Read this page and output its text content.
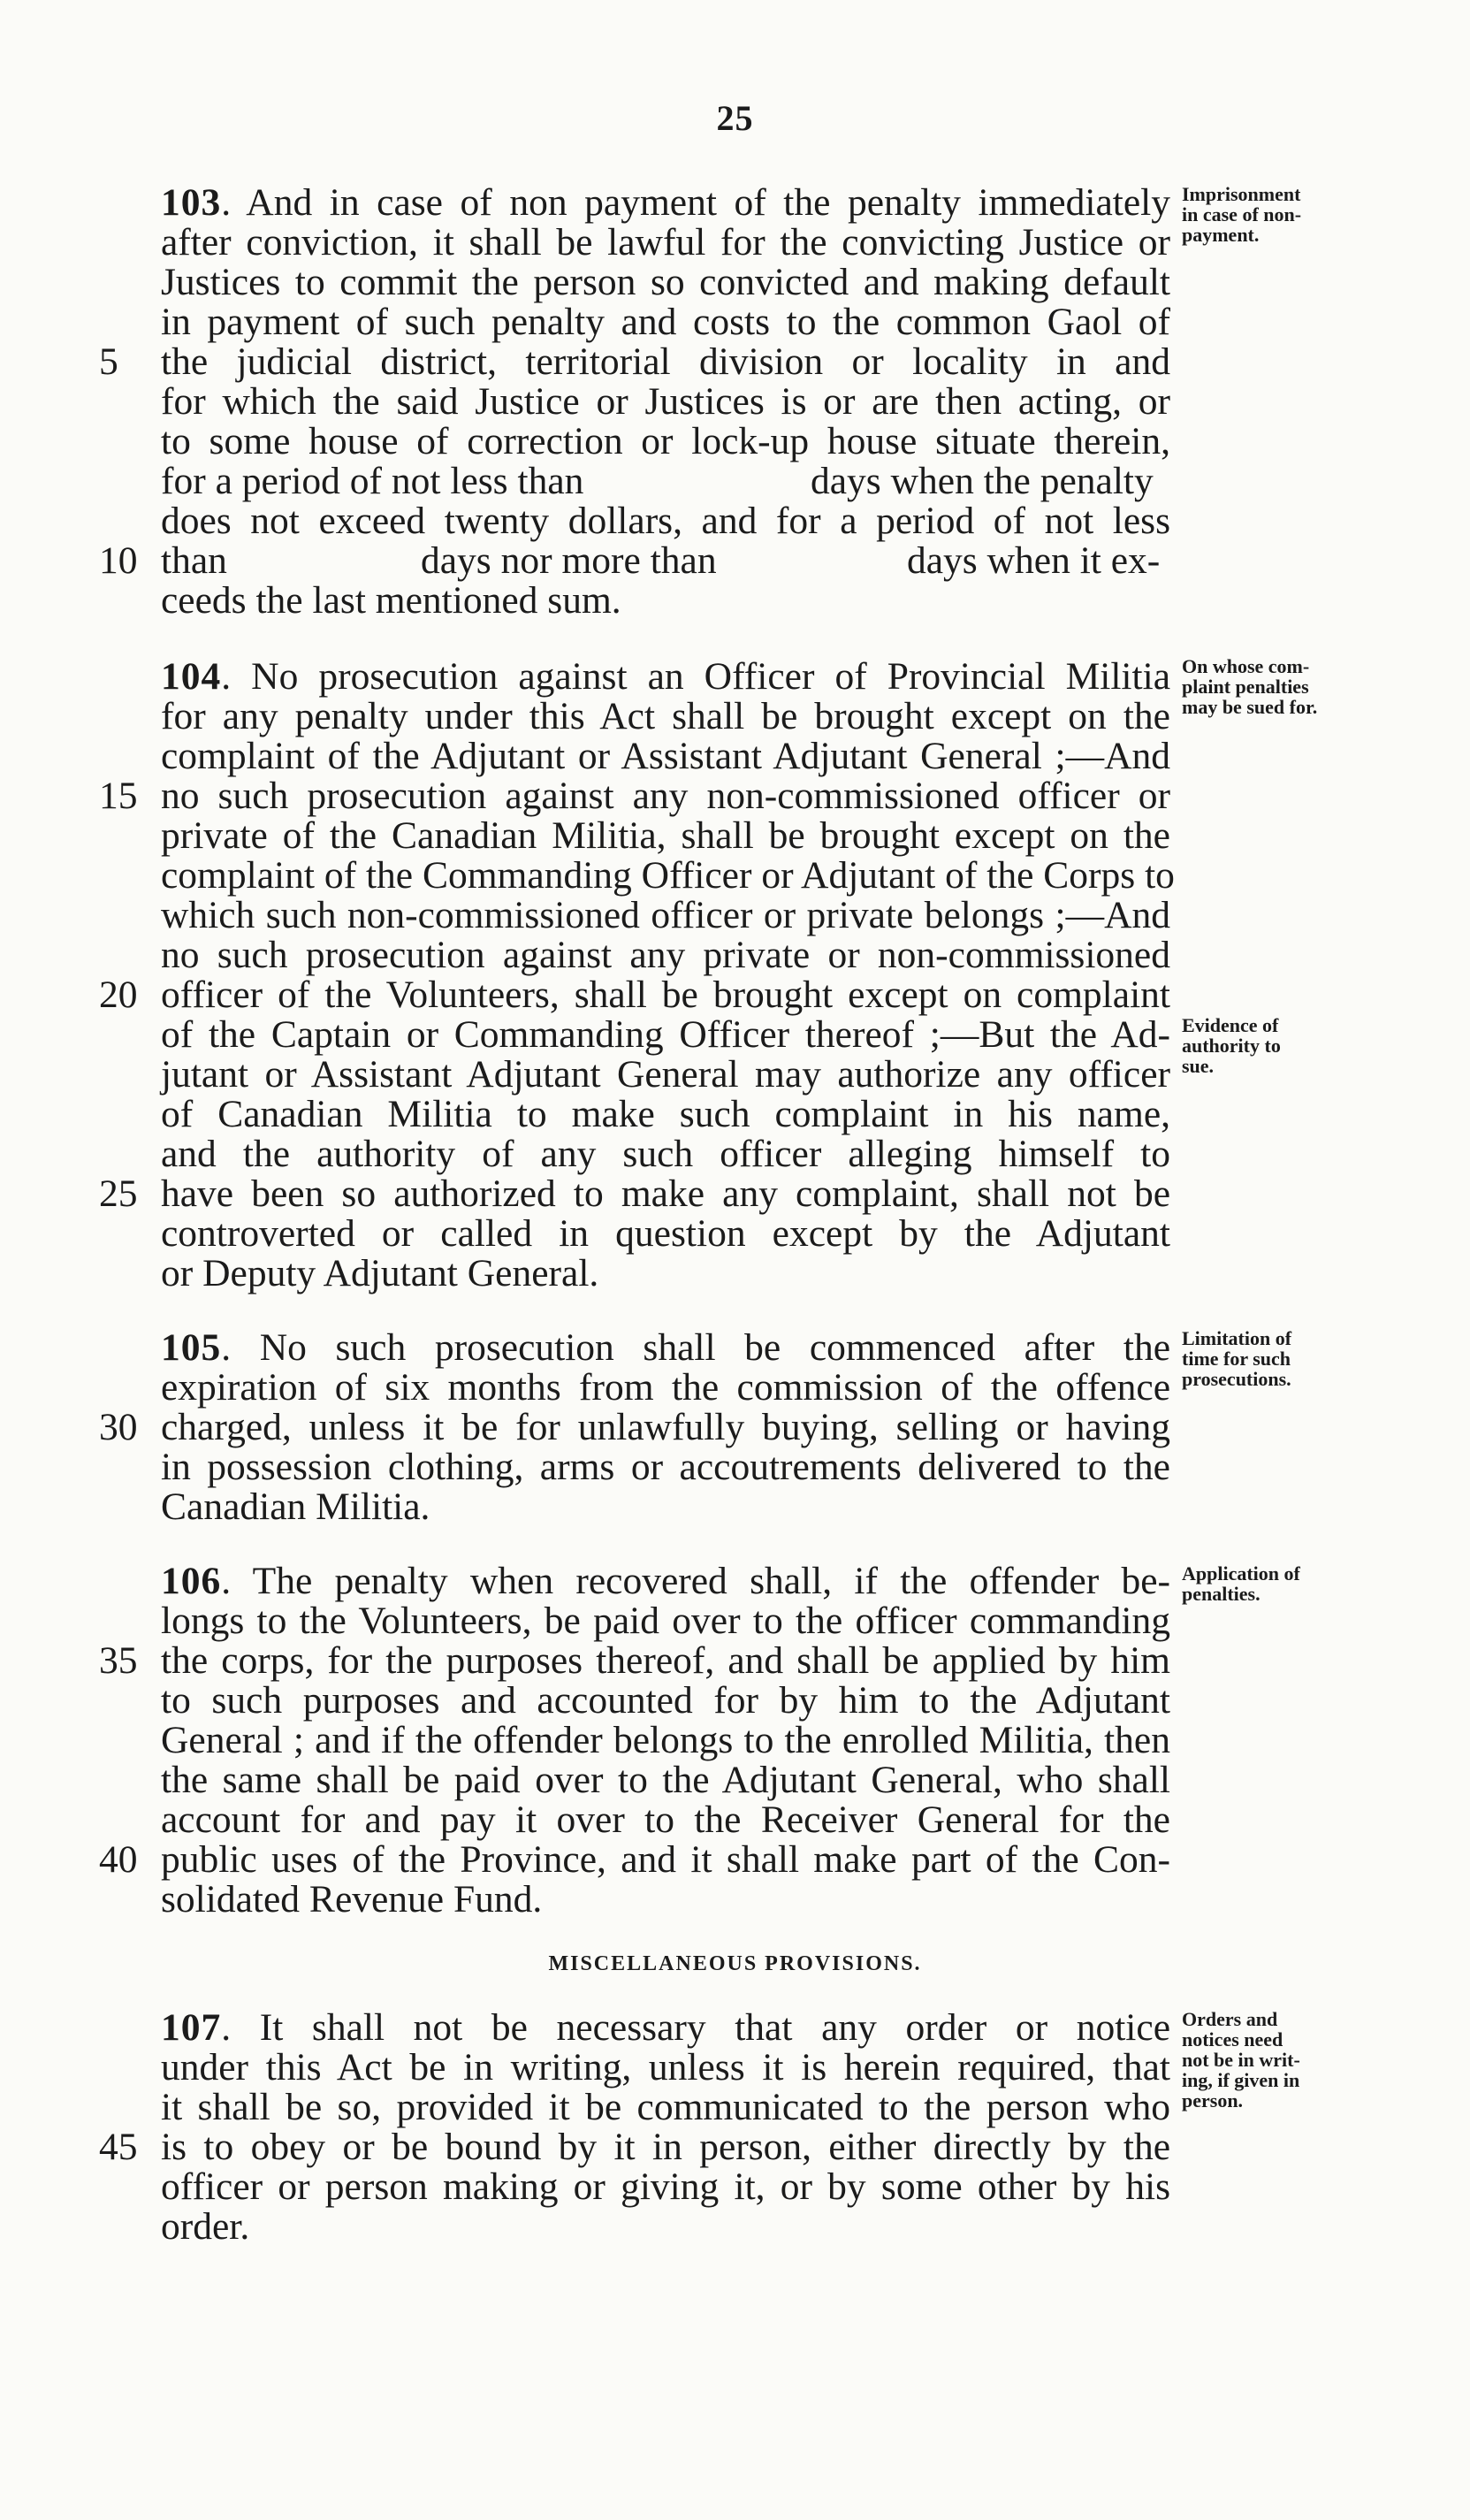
25
103. And in case of non payment of the penalty immediately
after conviction, it shall be lawful for the convicting Justice or
Justices to commit the person so convicted and making default
in payment of such penalty and costs to the common Gaol of
5	the judicial district, territorial division or locality in and
for which the said Justice or Justices is or are then acting, or
to some house of correction or lock-up house situate therein,
for a period of not less than	days when the penalty
does not exceed twenty dollars, and for a period of not less
10 than	days nor more than	days when it ex-
ceeds the last mentioned sum.
Imprisonment
in case of non-
payment.
104. No prosecution against an Officer of Provincial Militia
for any penalty under this Act shall be brought except on the
complaint of the Adjutant or Assistant Adjutant General ;—And
15 no such prosecution against any non-commissioned officer or
private of the Canadian Militia, shall be brought except on the
complaint of the Commanding Officer or Adjutant of the Corps to
which such non-commissioned officer or private belongs ;—And
no such prosecution against any private or non-commissioned
20 officer of the Volunteers, shall be brought except on complaint
of the Captain or Commanding Officer thereof ;—But the Ad-
jutant or Assistant Adjutant General may authorize any officer
of Canadian Militia to make such complaint in his name,
and the authority of any such officer alleging himself to
25 have been so authorized to make any complaint, shall not be
controverted or called in question except by the Adjutant
or Deputy Adjutant General.
On whose com-
plaint penalties
may be sued for.
Evidence of
authority to
sue.
105. No such prosecution shall be commenced after the
expiration of six months from the commission of the offence
30 charged, unless it be for unlawfully buying, selling or having
in possession clothing, arms or accoutrements delivered to the
Canadian Militia.
Limitation of
time for such
prosecutions.
106. The penalty when recovered shall, if the offender be-
longs to the Volunteers, be paid over to the officer commanding
35 the corps, for the purposes thereof, and shall be applied by him
to such purposes and accounted for by him to the Adjutant
General ; and if the offender belongs to the enrolled Militia, then
the same shall be paid over to the Adjutant General, who shall
account for and pay it over to the Receiver General for the
40 public uses of the Province, and it shall make part of the Con-
solidated Revenue Fund.
Application of
penalties.
MISCELLANEOUS PROVISIONS.
107. It shall not be necessary that any order or notice
under this Act be in writing, unless it is herein required, that
it shall be so, provided it be communicated to the person who
45 is to obey or be bound by it in person, either directly by the
officer or person making or giving it, or by some other by his
order.
Orders and
notices need
not be in writ-
ing, if given in
person.
